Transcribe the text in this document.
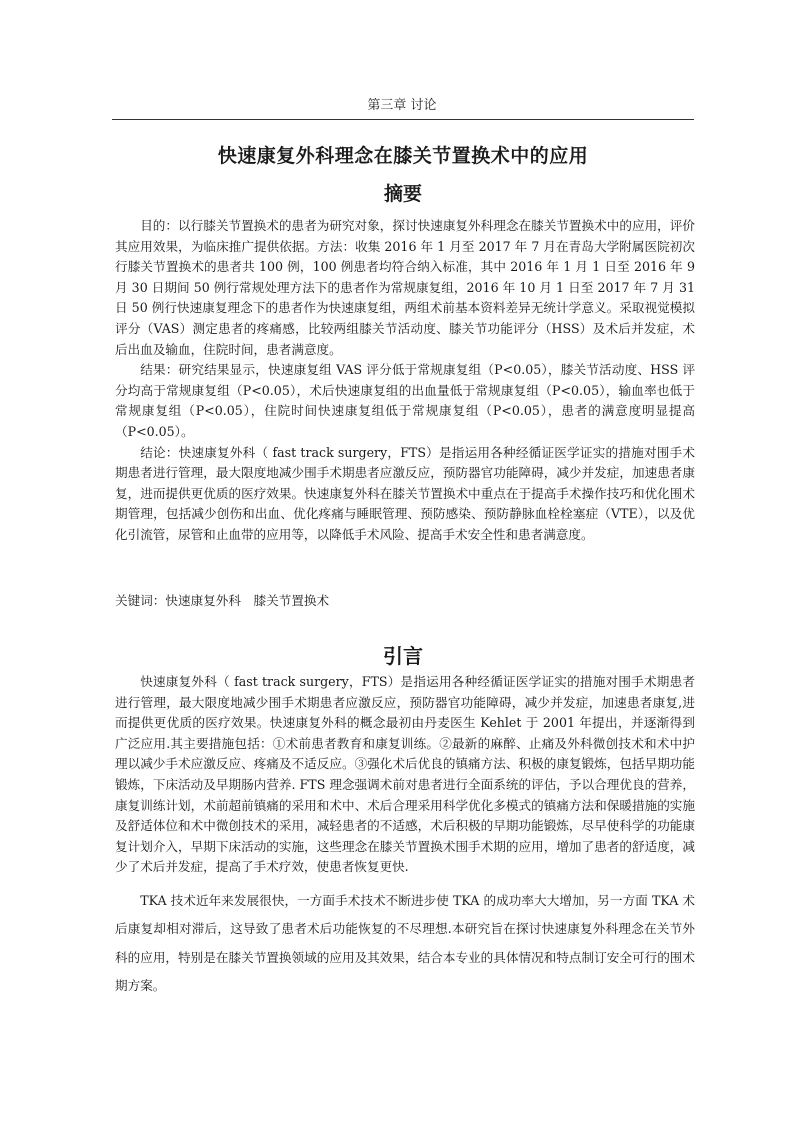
第三章 讨论
快速康复外科理念在膝关节置换术中的应用
摘要

目的：以行膝关节置换术的患者为研究对象，探讨快速康复外科理念在膝关节置换术中的应用，评价其应用效果，为临床推广提供依据。方法：收集 2016 年 1 月至 2017 年 7 月在青岛大学附属医院初次行膝关节置换术的患者共 100 例，100 例患者均符合纳入标准，其中 2016 年 1 月 1 日至 2016 年 9 月 30 日期间 50 例行常规处理方法下的患者作为常规康复组，2016 年 10 月 1 日至 2017 年 7 月 31 日 50 例行快速康复理念下的患者作为快速康复组，两组术前基本资料差异无统计学意义。采取视觉模拟评分（VAS）测定患者的疼痛感，比较两组膝关节活动度、膝关节功能评分（HSS）及术后并发症，术后出血及输血，住院时间，患者满意度。

结果：研究结果显示，快速康复组 VAS 评分低于常规康复组（P<0.05），膝关节活动度、HSS 评分均高于常规康复组（P<0.05），术后快速康复组的出血量低于常规康复组（P<0.05），输血率也低于常规康复组（P<0.05），住院时间快速康复组低于常规康复组（P<0.05），患者的满意度明显提高（P<0.05）。

结论：快速康复外科（ fast track surgery，FTS）是指运用各种经循证医学证实的措施对围手术期患者进行管理，最大限度地减少围手术期患者应激反应，预防器官功能障碍，减少并发症，加速患者康复，进而提供更优质的医疗效果。快速康复外科在膝关节置换术中重点在于提高手术操作技巧和优化围术期管理，包括减少创伤和出血、优化疼痛与睡眠管理、预防感染、预防静脉血栓栓塞症（VTE），以及优化引流管，尿管和止血带的应用等，以降低手术风险、提高手术安全性和患者满意度。

关键词：快速康复外科　膝关节置换术
引言

快速康复外科（ fast track surgery，FTS）是指运用各种经循证医学证实的措施对围手术期患者进行管理，最大限度地减少围手术期患者应激反应，预防器官功能障碍，减少并发症，加速患者康复,进而提供更优质的医疗效果。快速康复外科的概念最初由丹麦医生 Kehlet 于 2001 年提出，并逐渐得到广泛应用.其主要措施包括：①术前患者教育和康复训练。②最新的麻醉、止痛及外科微创技术和术中护理以减少手术应激反应、疼痛及不适反应。③强化术后优良的镇痛方法、积极的康复锻炼，包括早期功能锻炼，下床活动及早期肠内营养. FTS 理念强调术前对患者进行全面系统的评估，予以合理优良的营养，康复训练计划，术前超前镇痛的采用和术中、术后合理采用科学优化多模式的镇痛方法和保暖措施的实施及舒适体位和术中微创技术的采用，减轻患者的不适感，术后积极的早期功能锻炼，尽早使科学的功能康复计划介入，早期下床活动的实施，这些理念在膝关节置换术围手术期的应用，增加了患者的舒适度，减少了术后并发症，提高了手术疗效，使患者恢复更快.

TKA 技术近年来发展很快，一方面手术技术不断进步使 TKA 的成功率大大增加，另一方面 TKA 术后康复却相对滞后，这导致了患者术后功能恢复的不尽理想.本研究旨在探讨快速康复外科理念在关节外科的应用，特别是在膝关节置换领域的应用及其效果，结合本专业的具体情况和特点制订安全可行的围术期方案。
